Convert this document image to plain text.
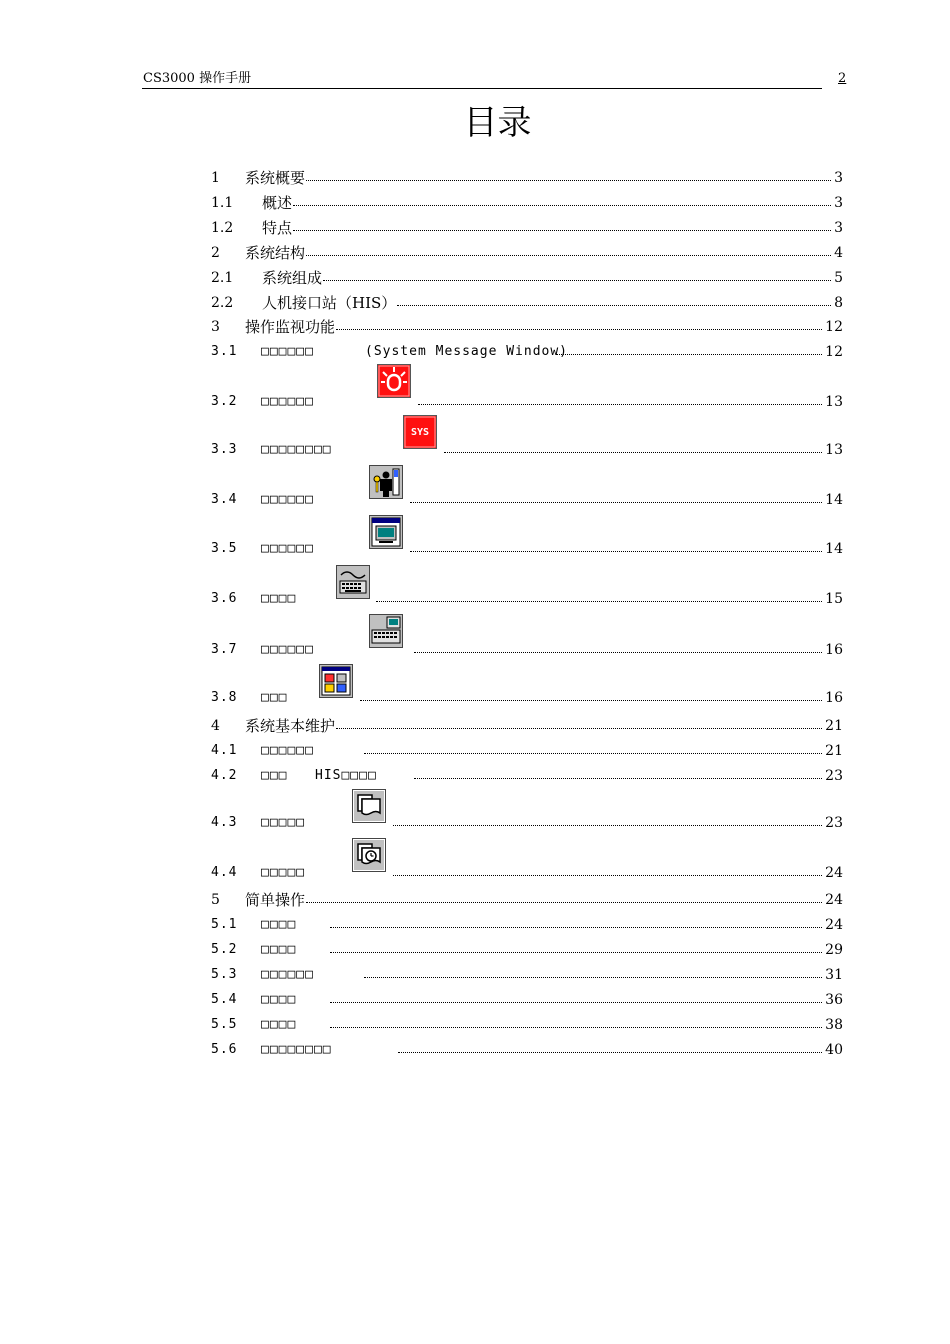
CS3000 操作手册	2
目录
1 系统概要	3
1.1 概述	3
1.2 特点	3
2 系统结构	4
2.1 系统组成	5
2.2 人机接口站（HIS）	8
3 操作监视功能	12
3.1 □□□□□□	(System Message Window)	12
3.2 □□□□□□	13
3.3 □□□□□□□□	13
SYS
3.4 □□□□□□	14
3.5 □□□□□□	14
3.6 □□□□	15
3.7 □□□□□□	16
3.8 □□□	16
4 系统基本维护	21
4.1 □□□□□□	21
4.2 □□□ HIS□□□□	23
4.3 □□□□□	23
4.4 □□□□□	24
5 简单操作	24
5.1 □□□□	24
5.2 □□□□	29
5.3 □□□□□□	31
5.4 □□□□	36
5.5 □□□□	38
5.6 □□□□□□□□	40
